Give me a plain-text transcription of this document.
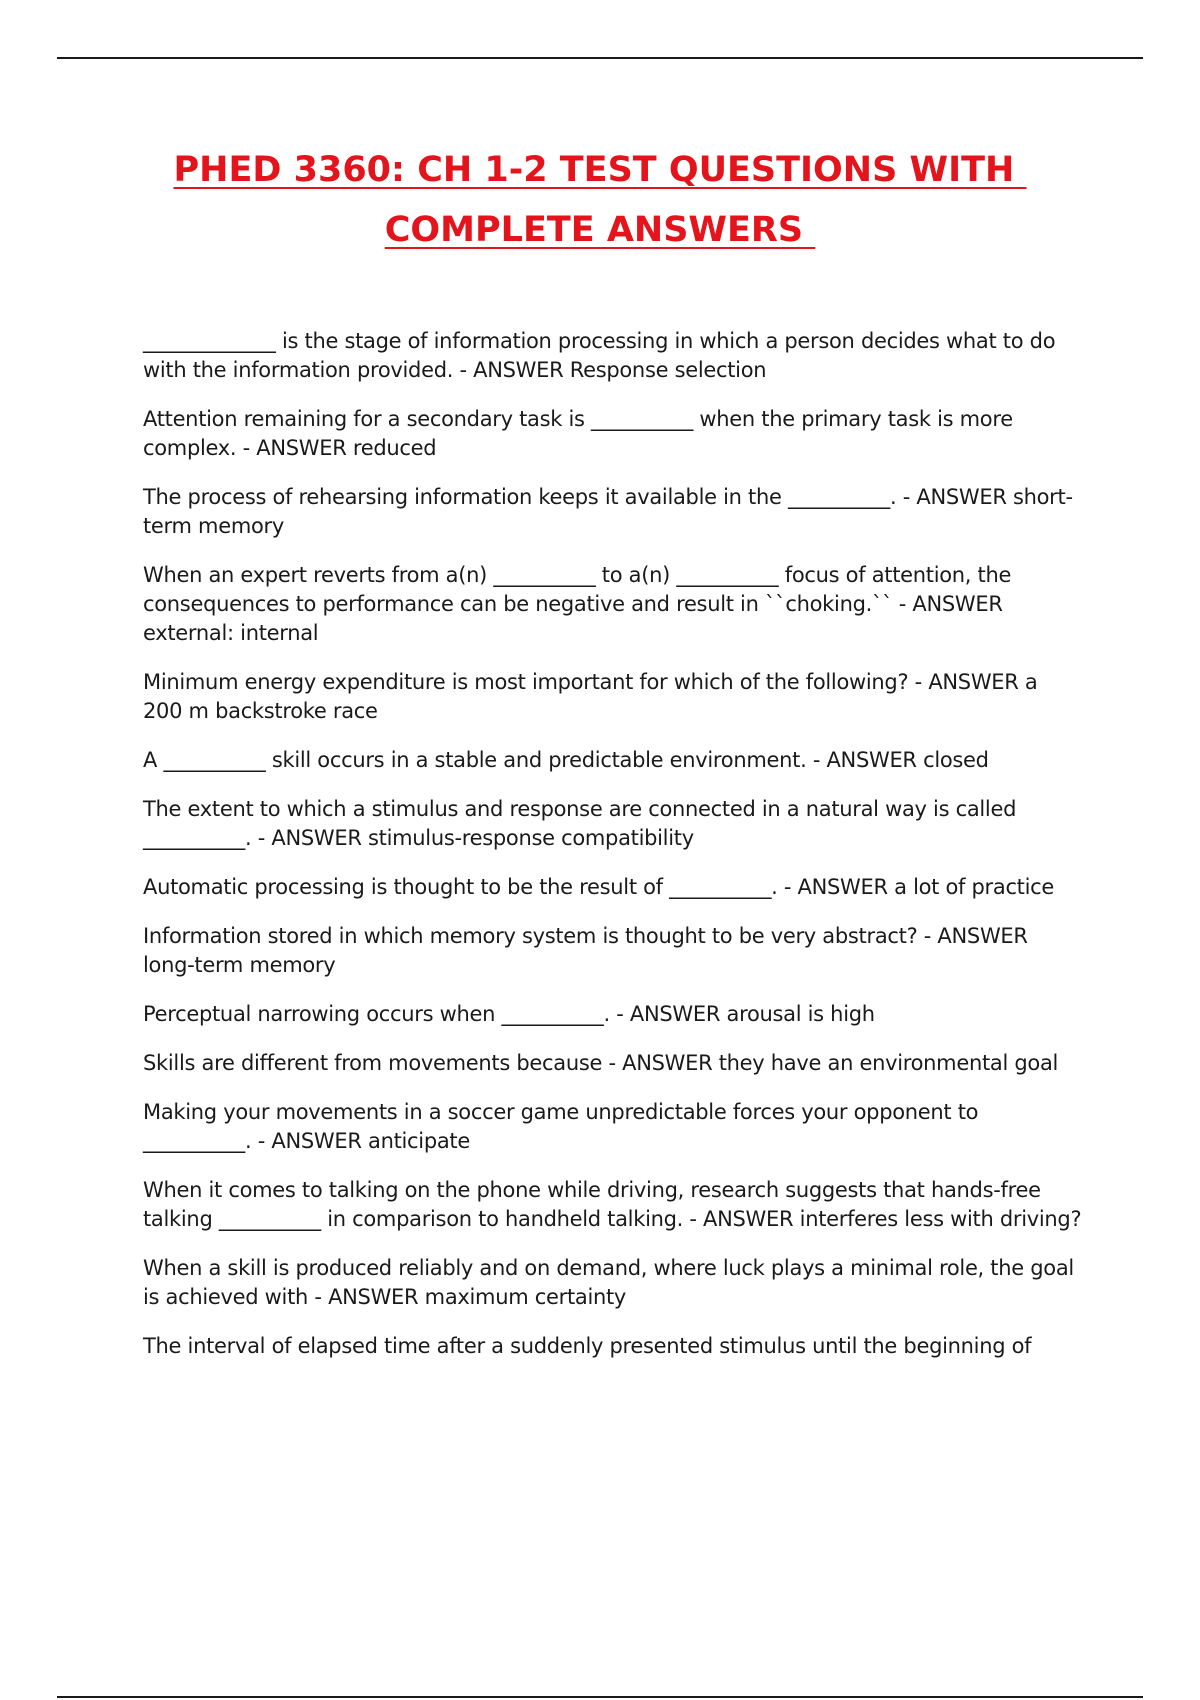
PHED 3360: CH 1-2 TEST QUESTIONS WITH
COMPLETE ANSWERS
_____________ is the stage of information processing in which a person decides what to do with the information provided. - ANSWER Response selection
Attention remaining for a secondary task is __________ when the primary task is more complex. - ANSWER reduced
The process of rehearsing information keeps it available in the __________. - ANSWER short-term memory
When an expert reverts from a(n) __________ to a(n) __________ focus of attention, the consequences to performance can be negative and result in ``choking.`` - ANSWER external: internal
Minimum energy expenditure is most important for which of the following? - ANSWER a 200 m backstroke race
A __________ skill occurs in a stable and predictable environment. - ANSWER closed
The extent to which a stimulus and response are connected in a natural way is called __________. - ANSWER stimulus-response compatibility
Automatic processing is thought to be the result of __________. - ANSWER a lot of practice
Information stored in which memory system is thought to be very abstract? - ANSWER long-term memory
Perceptual narrowing occurs when __________. - ANSWER arousal is high
Skills are different from movements because - ANSWER they have an environmental goal
Making your movements in a soccer game unpredictable forces your opponent to __________. - ANSWER anticipate
When it comes to talking on the phone while driving, research suggests that hands-free talking __________ in comparison to handheld talking. - ANSWER interferes less with driving?
When a skill is produced reliably and on demand, where luck plays a minimal role, the goal is achieved with - ANSWER maximum certainty
The interval of elapsed time after a suddenly presented stimulus until the beginning of
